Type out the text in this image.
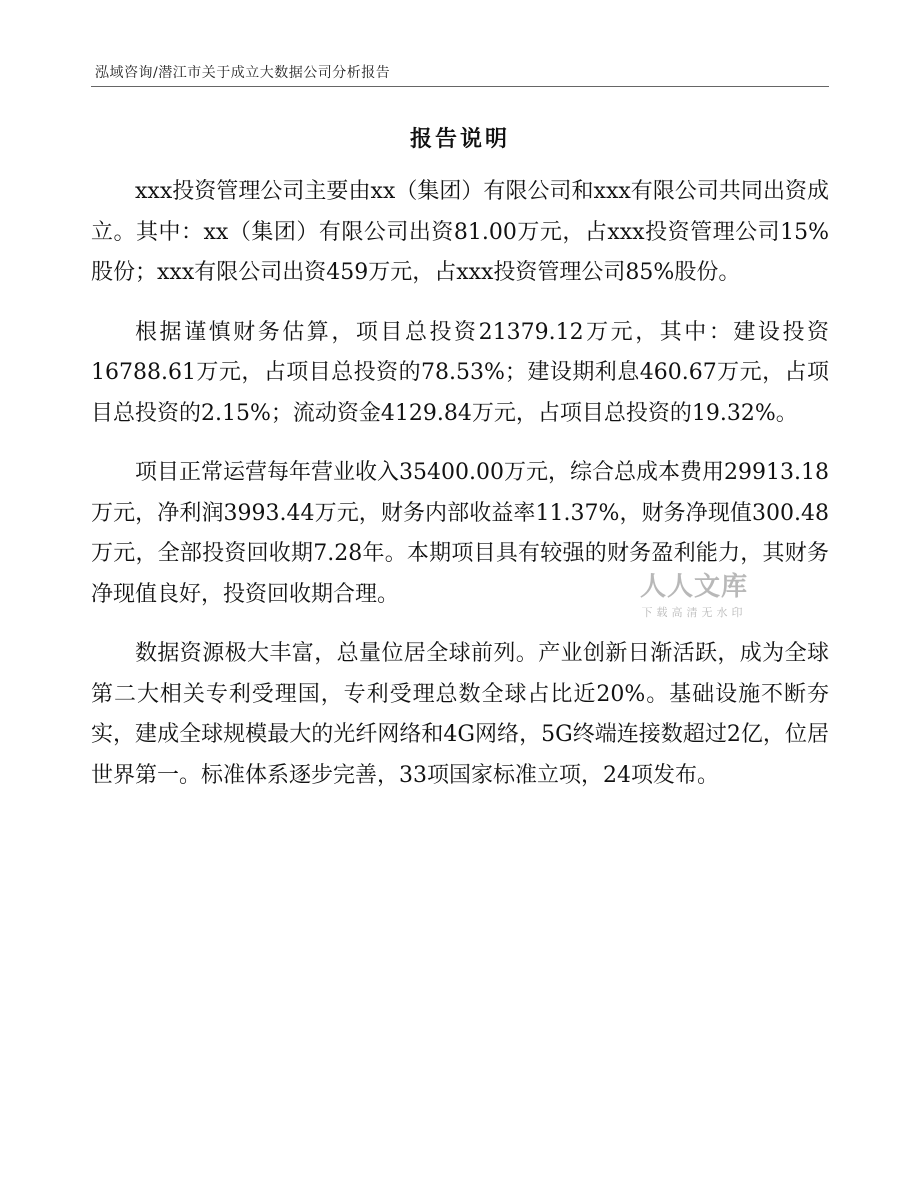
泓域咨询/潜江市关于成立大数据公司分析报告
报告说明

xxx投资管理公司主要由xx（集团）有限公司和xxx有限公司共同出资成立。其中：xx（集团）有限公司出资81.00万元，占xxx投资管理公司15%股份；xxx有限公司出资459万元，占xxx投资管理公司85%股份。

根据谨慎财务估算，项目总投资21379.12万元，其中：建设投资16788.61万元，占项目总投资的78.53%；建设期利息460.67万元，占项目总投资的2.15%；流动资金4129.84万元，占项目总投资的19.32%。

项目正常运营每年营业收入35400.00万元，综合总成本费用29913.18万元，净利润3993.44万元，财务内部收益率11.37%，财务净现值300.48万元，全部投资回收期7.28年。本期项目具有较强的财务盈利能力，其财务净现值良好，投资回收期合理。

数据资源极大丰富，总量位居全球前列。产业创新日渐活跃，成为全球第二大相关专利受理国，专利受理总数全球占比近20%。基础设施不断夯实，建成全球规模最大的光纤网络和4G网络，5G终端连接数超过2亿，位居世界第一。标准体系逐步完善，33项国家标准立项，24项发布。

人人文库
下载高清无水印
